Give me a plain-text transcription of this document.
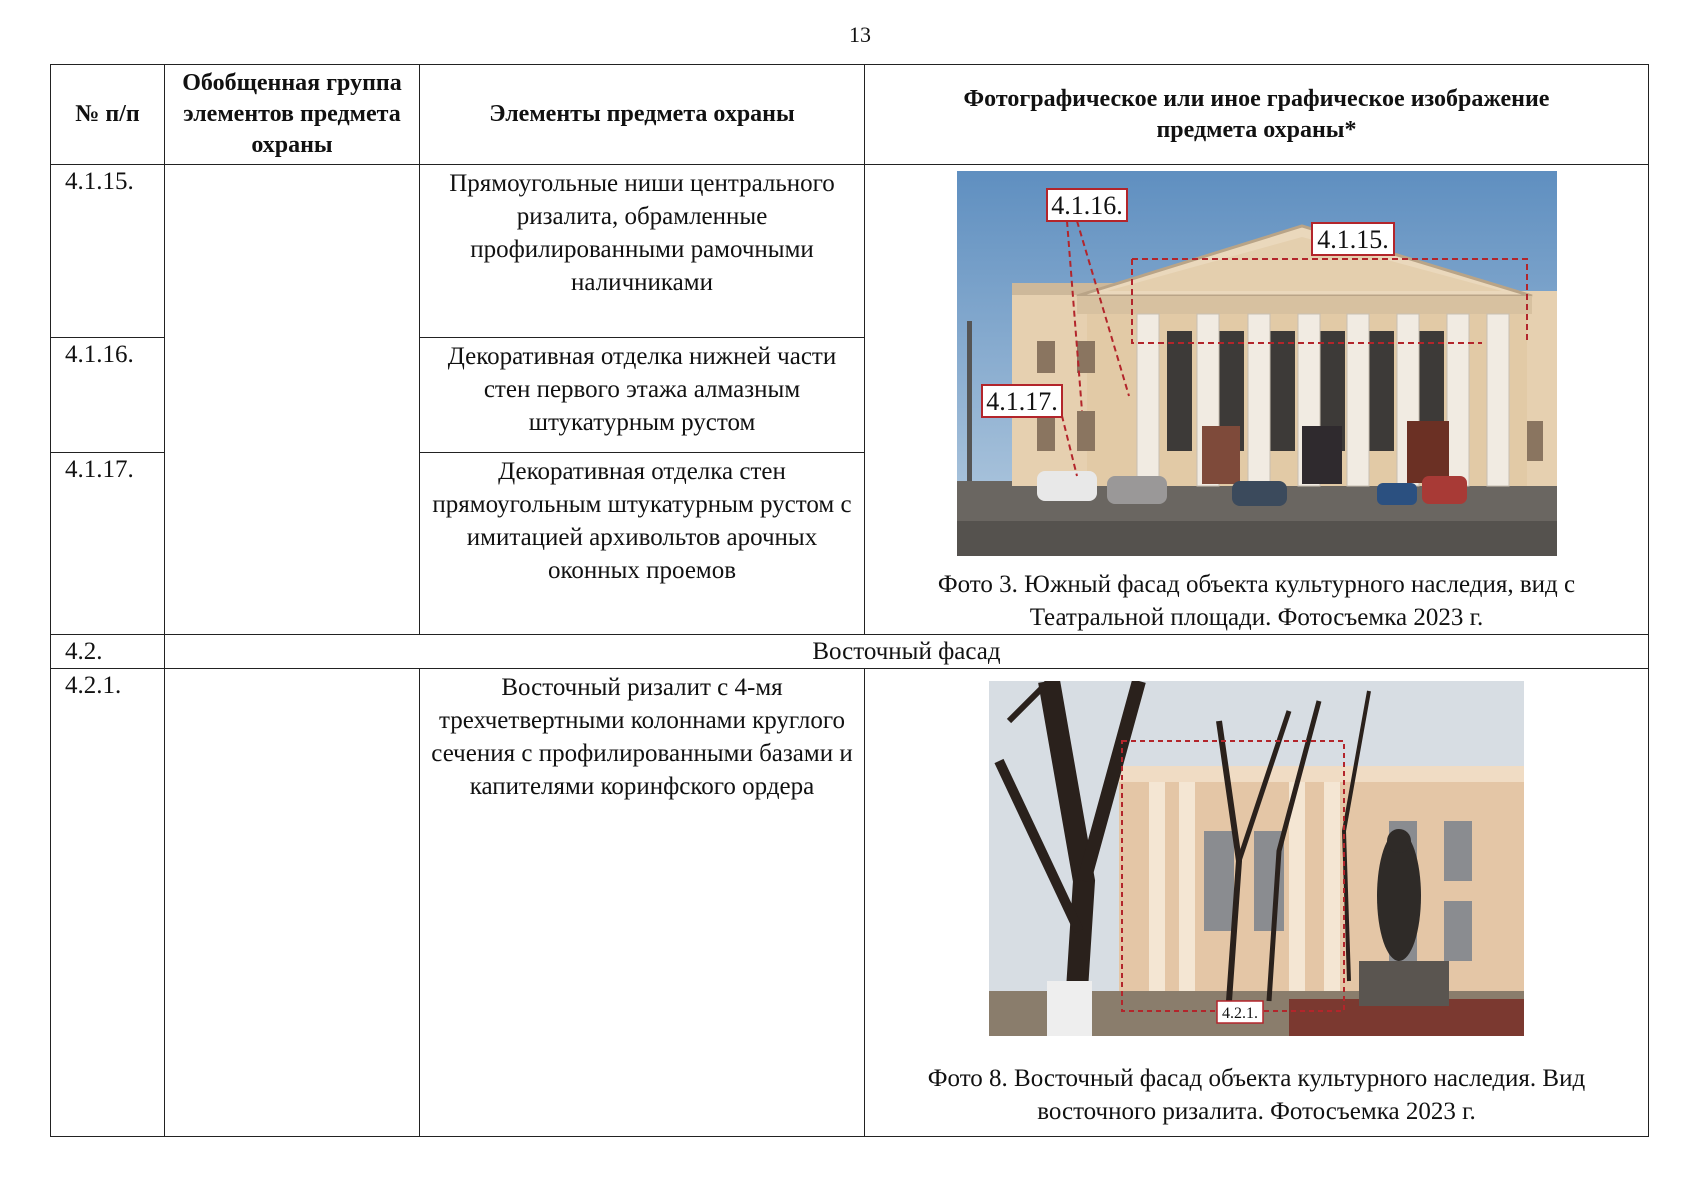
13
№ п/п	Обобщенная группа элементов предмета охраны	Элементы предмета охраны	Фотографическое или иное графическое изображение предмета охраны*
4.1.15.		Прямоугольные ниши центрального ризалита, обрамленные профилированными рамочными наличниками	4.1.16.
4.1.15.
4.1.17.
Фото 3. Южный фасад объекта культурного наследия, вид с Театральной площади. Фотосъемка 2023 г.

4.1.16.		Декоративная отделка нижней части стен первого этажа алмазным штукатурным рустом	
4.1.17.		Декоративная отделка стен прямоугольным штукатурным рустом с имитацией архивольтов арочных оконных проемов	
4.2.	Восточный фасад		
4.2.1.		Восточный ризалит с 4-мя трехчетвертными колоннами круглого сечения с профилированными базами и капителями коринфского ордера	4.2.1.
Фото 8. Восточный фасад объекта культурного наследия. Вид восточного ризалита. Фотосъемка 2023 г.
